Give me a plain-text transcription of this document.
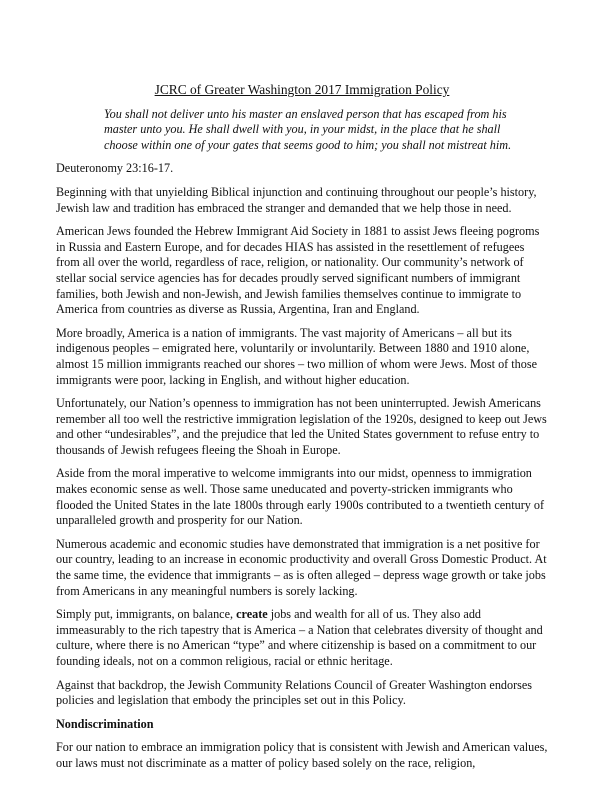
JCRC of Greater Washington 2017 Immigration Policy
You shall not deliver unto his master an enslaved person that has escaped from his master unto you. He shall dwell with you, in your midst, in the place that he shall choose within one of your gates that seems good to him; you shall not mistreat him.
Deuteronomy 23:16-17.
Beginning with that unyielding Biblical injunction and continuing throughout our people’s history, Jewish law and tradition has embraced the stranger and demanded that we help those in need.
American Jews founded the Hebrew Immigrant Aid Society in 1881 to assist Jews fleeing pogroms in Russia and Eastern Europe, and for decades HIAS has assisted in the resettlement of refugees from all over the world, regardless of race, religion, or nationality. Our community’s network of stellar social service agencies has for decades proudly served significant numbers of immigrant families, both Jewish and non-Jewish, and Jewish families themselves continue to immigrate to America from countries as diverse as Russia, Argentina, Iran and England.
More broadly, America is a nation of immigrants. The vast majority of Americans – all but its indigenous peoples – emigrated here, voluntarily or involuntarily. Between 1880 and 1910 alone, almost 15 million immigrants reached our shores – two million of whom were Jews. Most of those immigrants were poor, lacking in English, and without higher education.
Unfortunately, our Nation’s openness to immigration has not been uninterrupted. Jewish Americans remember all too well the restrictive immigration legislation of the 1920s, designed to keep out Jews and other “undesirables”, and the prejudice that led the United States government to refuse entry to thousands of Jewish refugees fleeing the Shoah in Europe.
Aside from the moral imperative to welcome immigrants into our midst, openness to immigration makes economic sense as well. Those same uneducated and poverty-stricken immigrants who flooded the United States in the late 1800s through early 1900s contributed to a twentieth century of unparalleled growth and prosperity for our Nation.
Numerous academic and economic studies have demonstrated that immigration is a net positive for our country, leading to an increase in economic productivity and overall Gross Domestic Product. At the same time, the evidence that immigrants – as is often alleged – depress wage growth or take jobs from Americans in any meaningful numbers is sorely lacking.
Simply put, immigrants, on balance, create jobs and wealth for all of us. They also add immeasurably to the rich tapestry that is America – a Nation that celebrates diversity of thought and culture, where there is no American “type” and where citizenship is based on a commitment to our founding ideals, not on a common religious, racial or ethnic heritage.
Against that backdrop, the Jewish Community Relations Council of Greater Washington endorses policies and legislation that embody the principles set out in this Policy.
Nondiscrimination
For our nation to embrace an immigration policy that is consistent with Jewish and American values, our laws must not discriminate as a matter of policy based solely on the race, religion,
